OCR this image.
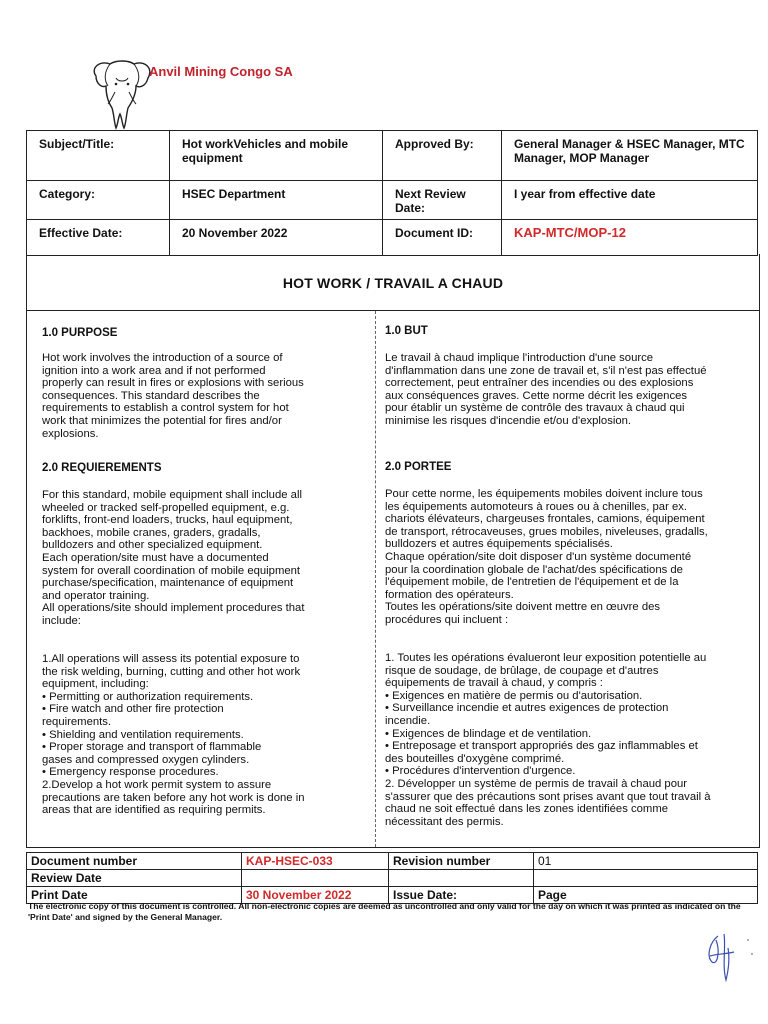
Anvil Mining Congo SA
Subject/Title:	Hot workVehicles and mobile equipment	Approved By:	General Manager & HSEC Manager, MTC Manager, MOP Manager
Category:	HSEC Department	Next Review Date:	I year from effective date
Effective Date:	20 November 2022	Document ID:	KAP-MTC/MOP-12
HOT WORK / TRAVAIL A CHAUD

1.0 PURPOSE

Hot work involves the introduction of a source of
ignition into a work area and if not performed
properly can result in fires or explosions with serious
consequences. This standard describes the
requirements to establish a control system for hot
work that minimizes the potential for fires and/or
explosions.

2.0 REQUIEREMENTS

For this standard, mobile equipment shall include all
wheeled or tracked self-propelled equipment, e.g.
forklifts, front-end loaders, trucks, haul equipment,
backhoes, mobile cranes, graders, gradalls,
bulldozers and other specialized equipment.
Each operation/site must have a documented
system for overall coordination of mobile equipment
purchase/specification, maintenance of equipment
and operator training.
All operations/site should implement procedures that
include:

1.All operations will assess its potential exposure to
the risk welding, burning, cutting and other hot work
equipment, including:
• Permitting or authorization requirements.
• Fire watch and other fire protection
requirements.
• Shielding and ventilation requirements.
• Proper storage and transport of flammable
gases and compressed oxygen cylinders.
• Emergency response procedures.
2.Develop a hot work permit system to assure
precautions are taken before any hot work is done in
areas that are identified as requiring permits.

1.0 BUT

Le travail à chaud implique l'introduction d'une source
d'inflammation dans une zone de travail et, s'il n'est pas effectué
correctement, peut entraîner des incendies ou des explosions
aux conséquences graves. Cette norme décrit les exigences
pour établir un système de contrôle des travaux à chaud qui
minimise les risques d'incendie et/ou d'explosion.

2.0 PORTEE

Pour cette norme, les équipements mobiles doivent inclure tous
les équipements automoteurs à roues ou à chenilles, par ex.
chariots élévateurs, chargeuses frontales, camions, équipement
de transport, rétrocaveuses, grues mobiles, niveleuses, gradalls,
bulldozers et autres équipements spécialisés.
Chaque opération/site doit disposer d'un système documenté
pour la coordination globale de l'achat/des spécifications de
l'équipement mobile, de l'entretien de l'équipement et de la
formation des opérateurs.
Toutes les opérations/site doivent mettre en œuvre des
procédures qui incluent :

1. Toutes les opérations évalueront leur exposition potentielle au
risque de soudage, de brûlage, de coupage et d'autres
équipements de travail à chaud, y compris :
• Exigences en matière de permis ou d'autorisation.
• Surveillance incendie et autres exigences de protection
incendie.
• Exigences de blindage et de ventilation.
• Entreposage et transport appropriés des gaz inflammables et
des bouteilles d'oxygène comprimé.
• Procédures d'intervention d'urgence.
2. Développer un système de permis de travail à chaud pour
s'assurer que des précautions sont prises avant que tout travail à
chaud ne soit effectué dans les zones identifiées comme
nécessitant des permis.

Document number	KAP-HSEC-033	Revision number	01
Review Date			
Print Date	30 November 2022	Issue Date:	Page
The electronic copy of this document is controlled. All non-electronic copies are deemed as uncontrolled and only valid for the day on which it was printed as indicated on the 'Print Date' and signed by the General Manager.
